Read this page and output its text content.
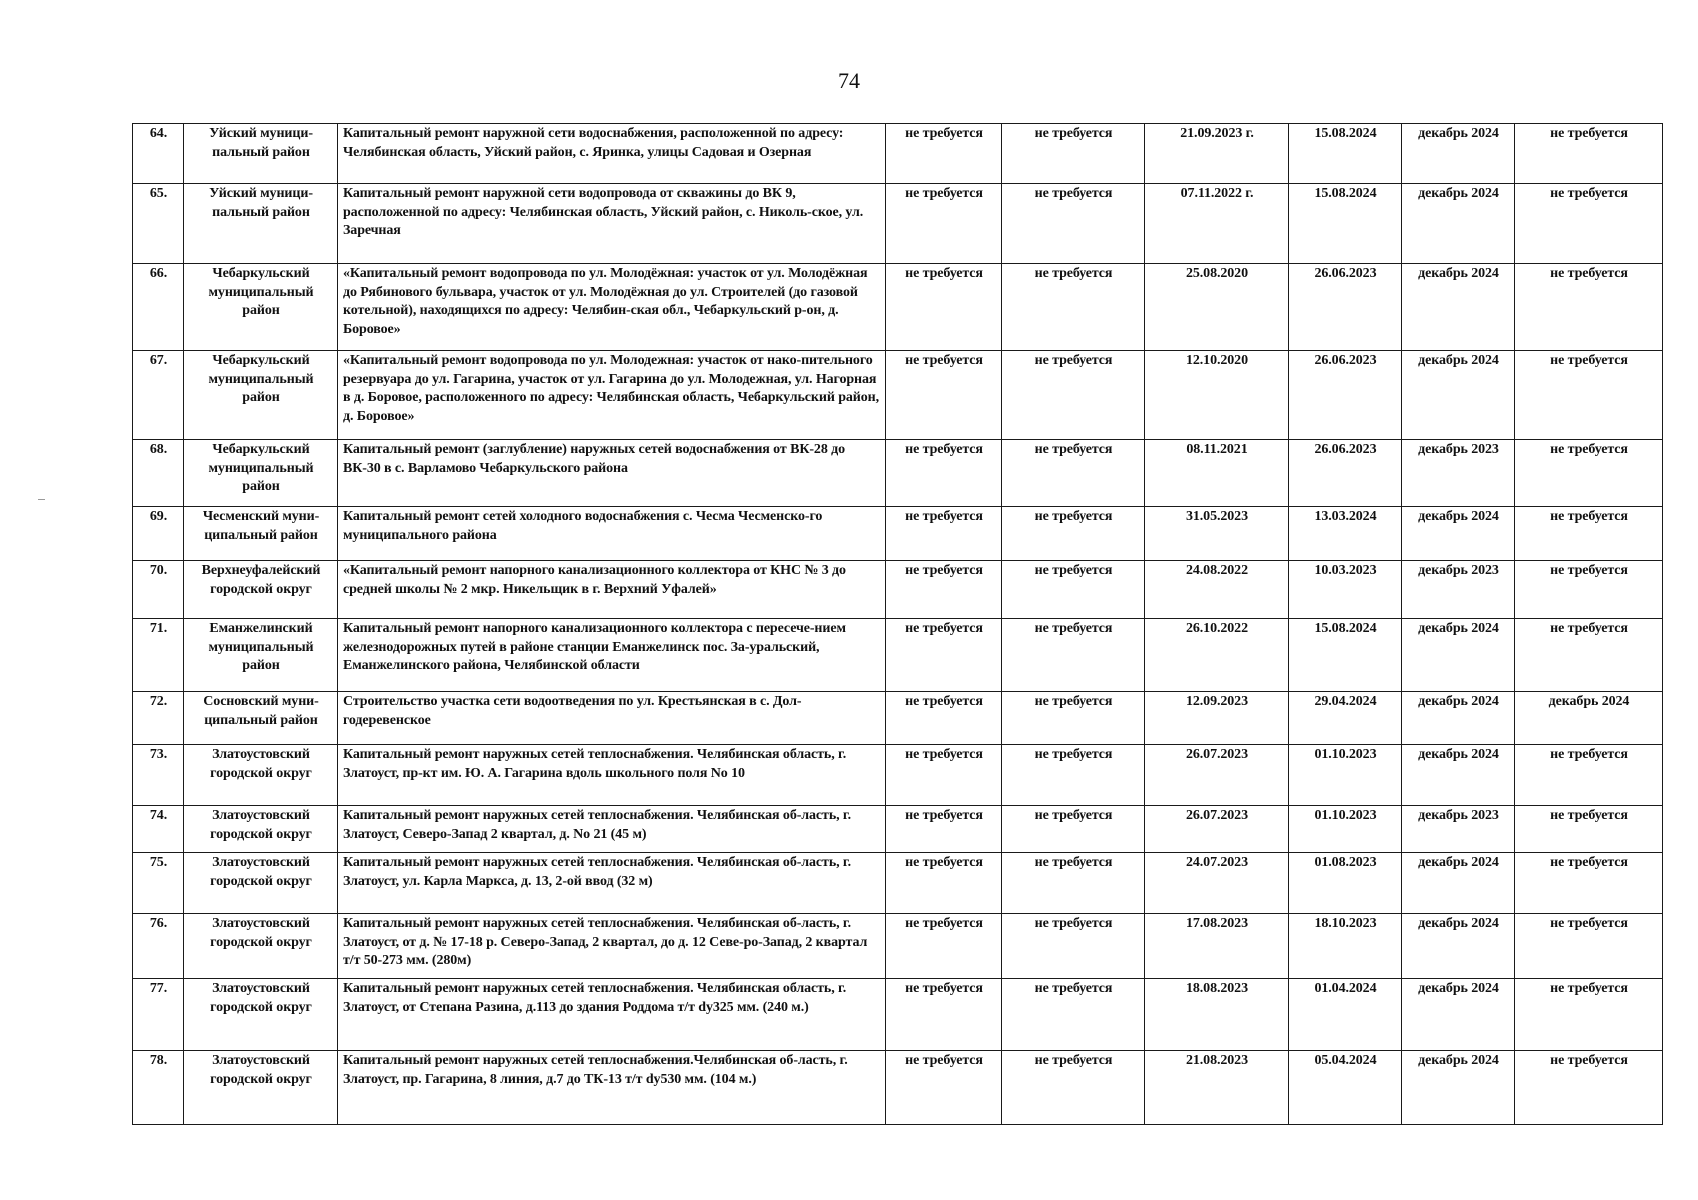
74
64.	Уйский муници-пальный район	Капитальный ремонт наружной сети водоснабжения, расположенной по адресу: Челябинская область, Уйский район, с. Яринка, улицы Садовая и Озерная	не требуется	не требуется	21.09.2023 г.	15.08.2024	декабрь 2024	не требуется
65.	Уйский муници-пальный район	Капитальный ремонт наружной сети водопровода от скважины до ВК 9, расположенной по адресу: Челябинская область, Уйский район, с. Николь-ское, ул. Заречная	не требуется	не требуется	07.11.2022 г.	15.08.2024	декабрь 2024	не требуется
66.	Чебаркульский муниципальный район	«Капитальный ремонт водопровода по ул. Молодёжная: участок от ул. Молодёжная до Рябинового бульвара, участок от ул. Молодёжная до ул. Строителей (до газовой котельной), находящихся по адресу: Челябин-ская обл., Чебаркульский р-он, д. Боровое»	не требуется	не требуется	25.08.2020	26.06.2023	декабрь 2024	не требуется
67.	Чебаркульский муниципальный район	«Капитальный ремонт водопровода по ул. Молодежная: участок от нако-пительного резервуара до ул. Гагарина, участок от ул. Гагарина до ул. Молодежная, ул. Нагорная в д. Боровое, расположенного по адресу: Челябинская область, Чебаркульский район, д. Боровое»	не требуется	не требуется	12.10.2020	26.06.2023	декабрь 2024	не требуется
68.	Чебаркульский муниципальный район	Капитальный ремонт (заглубление) наружных сетей водоснабжения от ВК-28 до ВК-30 в с. Варламово Чебаркульского района	не требуется	не требуется	08.11.2021	26.06.2023	декабрь 2023	не требуется
69.	Чесменский муни-ципальный район	Капитальный ремонт сетей холодного водоснабжения с. Чесма Чесменско-го муниципального района	не требуется	не требуется	31.05.2023	13.03.2024	декабрь 2024	не требуется
70.	Верхнеуфалейский городской округ	«Капитальный ремонт напорного канализационного коллектора от КНС № 3 до средней школы № 2 мкр. Никельщик в г. Верхний Уфалей»	не требуется	не требуется	24.08.2022	10.03.2023	декабрь 2023	не требуется
71.	Еманжелинский муниципальный район	Капитальный ремонт напорного канализационного коллектора с пересече-нием железнодорожных путей в районе станции Еманжелинск пос. За-уральский, Еманжелинского района, Челябинской области	не требуется	не требуется	26.10.2022	15.08.2024	декабрь 2024	не требуется
72.	Сосновский муни-ципальный район	Строительство участка сети водоотведения по ул. Крестьянская в с. Дол-годеревенское	не требуется	не требуется	12.09.2023	29.04.2024	декабрь 2024	декабрь 2024
73.	Златоустовский городской округ	Капитальный ремонт наружных сетей теплоснабжения. Челябинская область, г. Златоуст, пр-кт им. Ю. А. Гагарина вдоль школьного поля No 10	не требуется	не требуется	26.07.2023	01.10.2023	декабрь 2024	не требуется
74.	Златоустовский городской округ	Капитальный ремонт наружных сетей теплоснабжения. Челябинская об-ласть, г. Златоуст, Северо-Запад 2 квартал, д. No 21 (45 м)	не требуется	не требуется	26.07.2023	01.10.2023	декабрь 2023	не требуется
75.	Златоустовский городской округ	Капитальный ремонт наружных сетей теплоснабжения. Челябинская об-ласть, г. Златоуст, ул. Карла Маркса, д. 13, 2-ой ввод (32 м)	не требуется	не требуется	24.07.2023	01.08.2023	декабрь 2024	не требуется
76.	Златоустовский городской округ	Капитальный ремонт наружных сетей теплоснабжения. Челябинская об-ласть, г. Златоуст, от д. № 17-18 р. Северо-Запад, 2 квартал, до д. 12 Севе-ро-Запад, 2 квартал т/т 50-273 мм. (280м)	не требуется	не требуется	17.08.2023	18.10.2023	декабрь 2024	не требуется
77.	Златоустовский городской округ	Капитальный ремонт наружных сетей теплоснабжения. Челябинская область, г. Златоуст, от Степана Разина, д.113 до здания Роддома т/т dу325 мм. (240 м.)	не требуется	не требуется	18.08.2023	01.04.2024	декабрь 2024	не требуется
78.	Златоустовский городской округ	Капитальный ремонт наружных сетей теплоснабжения.Челябинская об-ласть, г. Златоуст, пр. Гагарина, 8 линия, д.7 до ТК-13 т/т dу530 мм. (104 м.)	не требуется	не требуется	21.08.2023	05.04.2024	декабрь 2024	не требуется
